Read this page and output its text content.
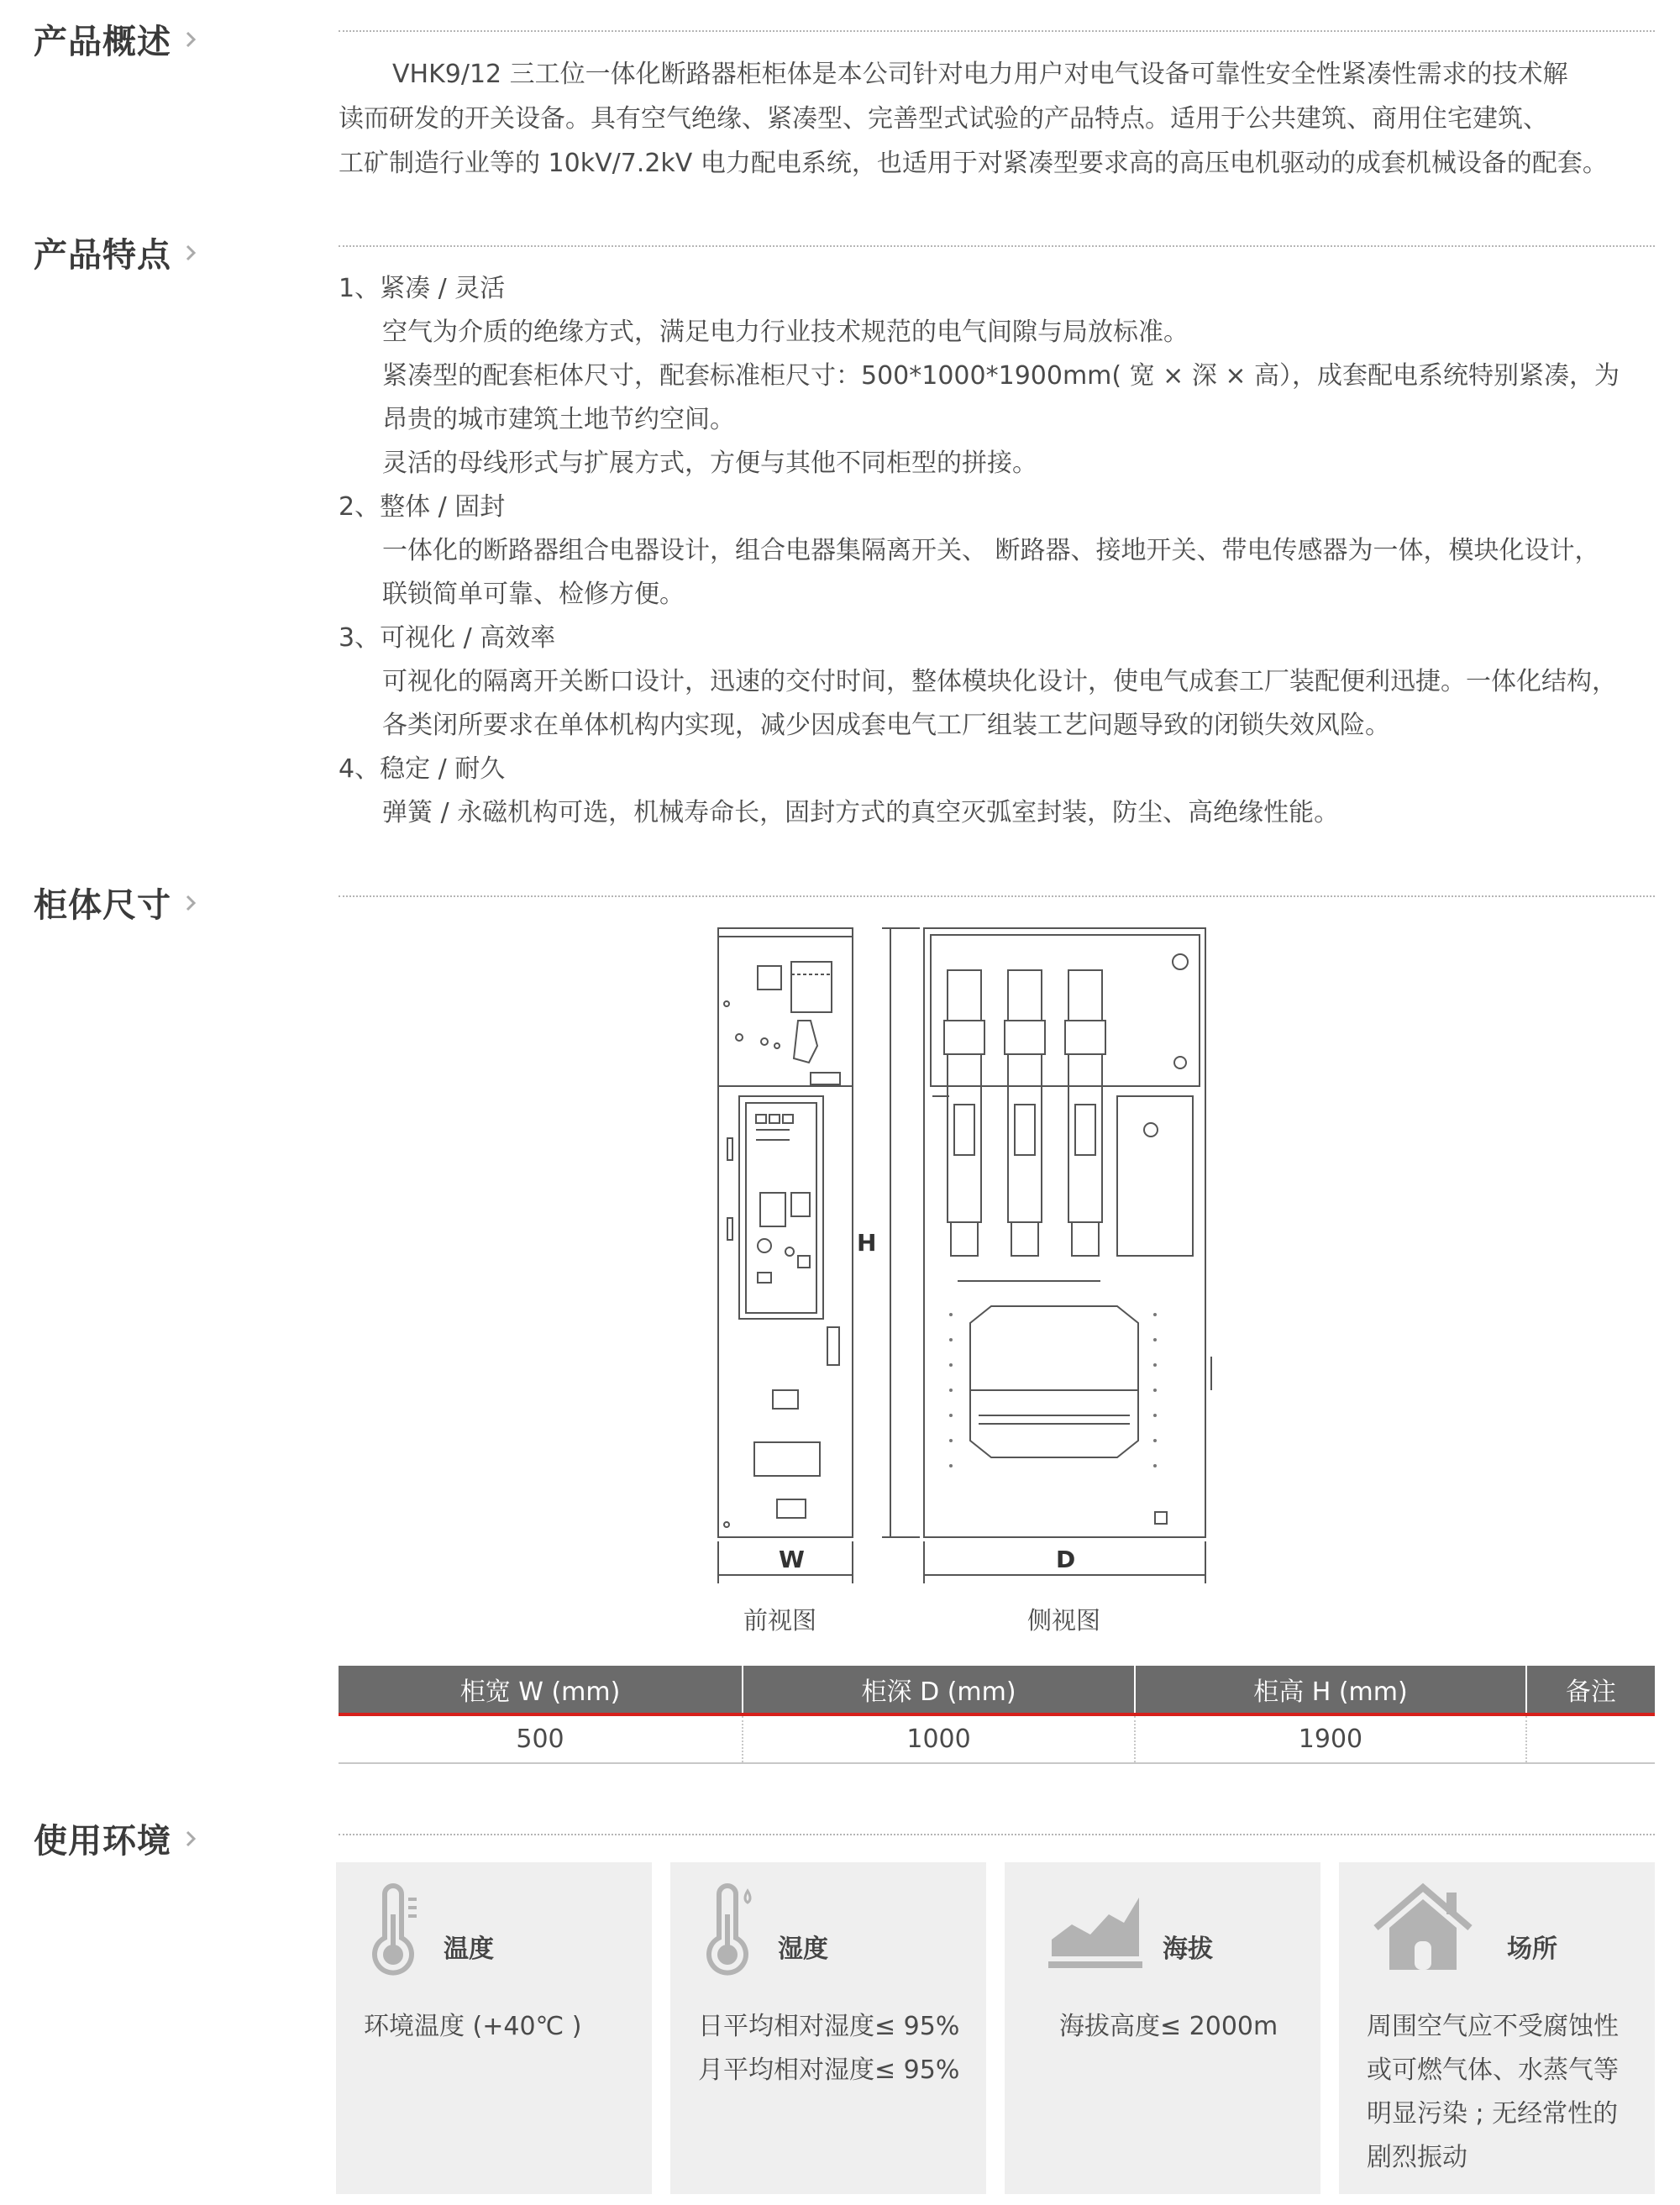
产品概述
VHK9/12 三工位一体化断路器柜柜体是本公司针对电力用户对电气设备可靠性安全性紧凑性需求的技术解
读而研发的开关设备。具有空气绝缘、紧凑型、完善型式试验的产品特点。适用于公共建筑、商用住宅建筑、
工矿制造行业等的 10kV/7.2kV 电力配电系统，也适用于对紧凑型要求高的高压电机驱动的成套机械设备的配套。
产品特点
1、紧凑 / 灵活
空气为介质的绝缘方式，满足电力行业技术规范的电气间隙与局放标准。
紧凑型的配套柜体尺寸，配套标准柜尺寸：500*1000*1900mm( 宽 × 深 × 高），成套配电系统特别紧凑，为
昂贵的城市建筑土地节约空间。
灵活的母线形式与扩展方式，方便与其他不同柜型的拼接。
2、整体 / 固封
一体化的断路器组合电器设计，组合电器集隔离开关、 断路器、接地开关、带电传感器为一体，模块化设计，
联锁简单可靠、检修方便。
3、可视化 / 高效率
可视化的隔离开关断口设计，迅速的交付时间，整体模块化设计，使电气成套工厂装配便利迅捷。一体化结构，
各类闭所要求在单体机构内实现，减少因成套电气工厂组装工艺问题导致的闭锁失效风险。
4、稳定 / 耐久
弹簧 / 永磁机构可选，机械寿命长，固封方式的真空灭弧室封装，防尘、高绝缘性能。
柜体尺寸
W	D
H
前视图	侧视图
柜宽 W (mm)	柜深 D (mm)	柜高 H (mm)	备注
500	1000	1900	
使用环境
温度
环境温度 (+40℃ )
湿度
日平均相对湿度≤ 95%
月平均相对湿度≤ 95%
海拔
海拔高度≤ 2000m
场所
周围空气应不受腐蚀性
或可燃气体、水蒸气等
明显污染 ; 无经常性的
剧烈振动
